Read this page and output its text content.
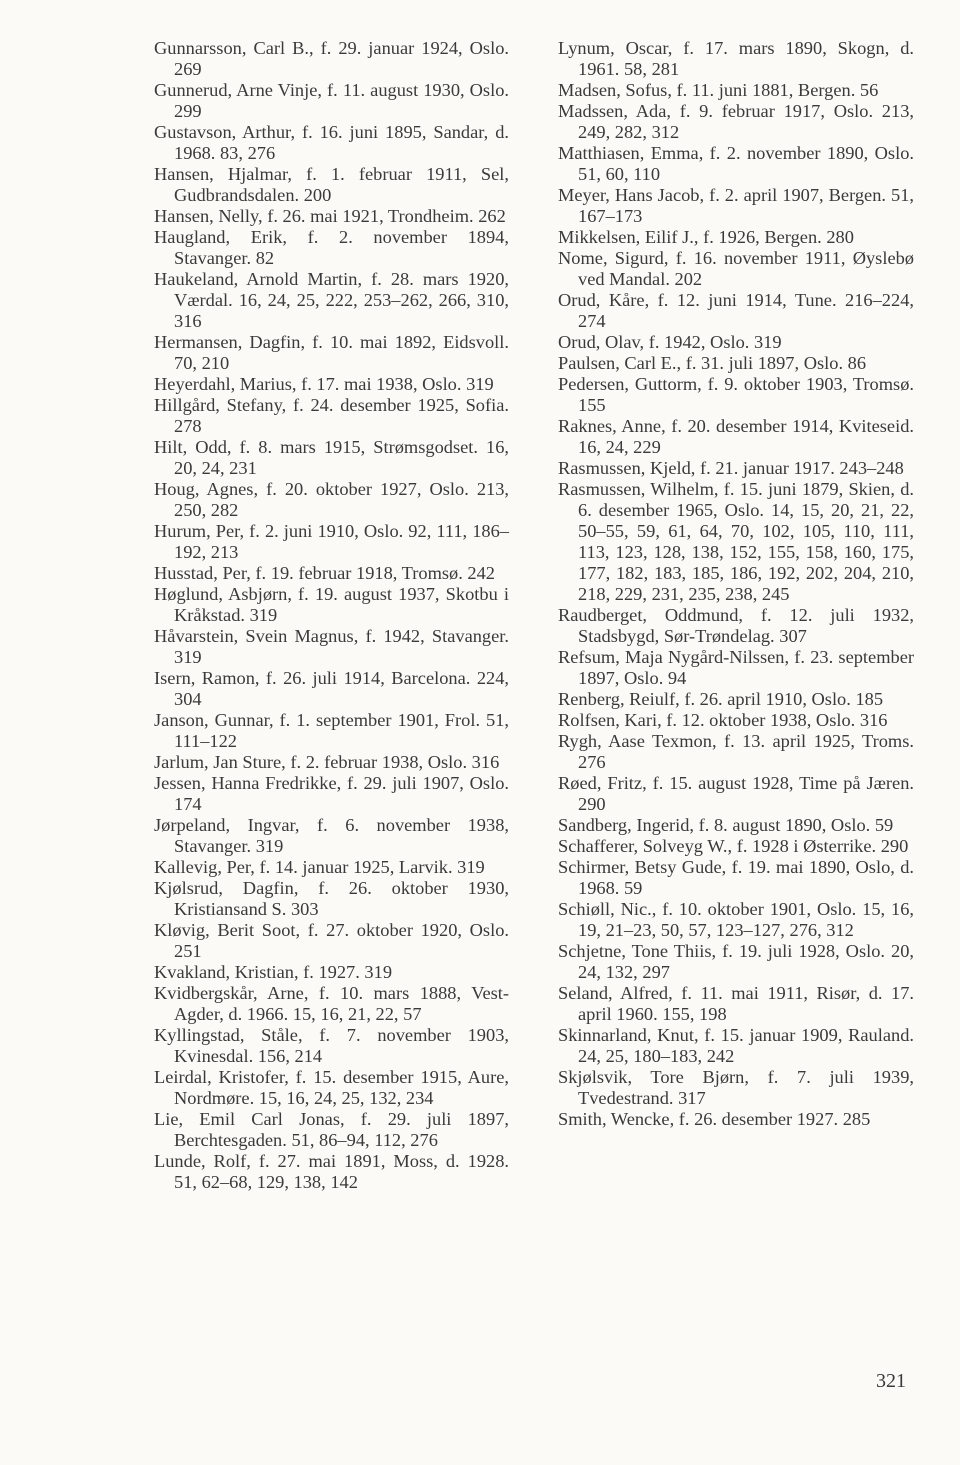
Gunnarsson, Carl B., f. 29. januar 1924, Oslo. 269

Gunnerud, Arne Vinje, f. 11. august 1930, Oslo. 299

Gustavson, Arthur, f. 16. juni 1895, Sandar, d. 1968. 83, 276

Hansen, Hjalmar, f. 1. februar 1911, Sel, Gudbrandsdalen. 200

Hansen, Nelly, f. 26. mai 1921, Trondheim. 262

Haugland, Erik, f. 2. november 1894, Stavanger. 82

Haukeland, Arnold Martin, f. 28. mars 1920, Værdal. 16, 24, 25, 222, 253–262, 266, 310, 316

Hermansen, Dagfin, f. 10. mai 1892, Eidsvoll. 70, 210

Heyerdahl, Marius, f. 17. mai 1938, Oslo. 319

Hillgård, Stefany, f. 24. desember 1925, Sofia. 278

Hilt, Odd, f. 8. mars 1915, Strømsgodset. 16, 20, 24, 231

Houg, Agnes, f. 20. oktober 1927, Oslo. 213, 250, 282

Hurum, Per, f. 2. juni 1910, Oslo. 92, 111, 186–192, 213

Husstad, Per, f. 19. februar 1918, Tromsø. 242

Høglund, Asbjørn, f. 19. august 1937, Skotbu i Kråkstad. 319

Håvarstein, Svein Magnus, f. 1942, Stavanger. 319

Isern, Ramon, f. 26. juli 1914, Barcelona. 224, 304

Janson, Gunnar, f. 1. september 1901, Frol. 51, 111–122

Jarlum, Jan Sture, f. 2. februar 1938, Oslo. 316

Jessen, Hanna Fredrikke, f. 29. juli 1907, Oslo. 174

Jørpeland, Ingvar, f. 6. november 1938, Stavanger. 319

Kallevig, Per, f. 14. januar 1925, Larvik. 319

Kjølsrud, Dagfin, f. 26. oktober 1930, Kristiansand S. 303

Kløvig, Berit Soot, f. 27. oktober 1920, Oslo. 251

Kvakland, Kristian, f. 1927. 319

Kvidbergskår, Arne, f. 10. mars 1888, Vest-Agder, d. 1966. 15, 16, 21, 22, 57

Kyllingstad, Ståle, f. 7. november 1903, Kvinesdal. 156, 214

Leirdal, Kristofer, f. 15. desember 1915, Aure, Nordmøre. 15, 16, 24, 25, 132, 234

Lie, Emil Carl Jonas, f. 29. juli 1897, Berchtesgaden. 51, 86–94, 112, 276

Lunde, Rolf, f. 27. mai 1891, Moss, d. 1928. 51, 62–68, 129, 138, 142

Lynum, Oscar, f. 17. mars 1890, Skogn, d. 1961. 58, 281

Madsen, Sofus, f. 11. juni 1881, Bergen. 56

Madssen, Ada, f. 9. februar 1917, Oslo. 213, 249, 282, 312

Matthiasen, Emma, f. 2. november 1890, Oslo. 51, 60, 110

Meyer, Hans Jacob, f. 2. april 1907, Bergen. 51, 167–173

Mikkelsen, Eilif J., f. 1926, Bergen. 280

Nome, Sigurd, f. 16. november 1911, Øyslebø ved Mandal. 202

Orud, Kåre, f. 12. juni 1914, Tune. 216–224, 274

Orud, Olav, f. 1942, Oslo. 319

Paulsen, Carl E., f. 31. juli 1897, Oslo. 86

Pedersen, Guttorm, f. 9. oktober 1903, Tromsø. 155

Raknes, Anne, f. 20. desember 1914, Kviteseid. 16, 24, 229

Rasmussen, Kjeld, f. 21. januar 1917. 243–248

Rasmussen, Wilhelm, f. 15. juni 1879, Skien, d. 6. desember 1965, Oslo. 14, 15, 20, 21, 22, 50–55, 59, 61, 64, 70, 102, 105, 110, 111, 113, 123, 128, 138, 152, 155, 158, 160, 175, 177, 182, 183, 185, 186, 192, 202, 204, 210, 218, 229, 231, 235, 238, 245

Raudberget, Oddmund, f. 12. juli 1932, Stadsbygd, Sør-Trøndelag. 307

Refsum, Maja Nygård-Nilssen, f. 23. september 1897, Oslo. 94

Renberg, Reiulf, f. 26. april 1910, Oslo. 185

Rolfsen, Kari, f. 12. oktober 1938, Oslo. 316

Rygh, Aase Texmon, f. 13. april 1925, Troms. 276

Røed, Fritz, f. 15. august 1928, Time på Jæren. 290

Sandberg, Ingerid, f. 8. august 1890, Oslo. 59

Schafferer, Solveyg W., f. 1928 i Østerrike. 290

Schirmer, Betsy Gude, f. 19. mai 1890, Oslo, d. 1968. 59

Schiøll, Nic., f. 10. oktober 1901, Oslo. 15, 16, 19, 21–23, 50, 57, 123–127, 276, 312

Schjetne, Tone Thiis, f. 19. juli 1928, Oslo. 20, 24, 132, 297

Seland, Alfred, f. 11. mai 1911, Risør, d. 17. april 1960. 155, 198

Skinnarland, Knut, f. 15. januar 1909, Rauland. 24, 25, 180–183, 242

Skjølsvik, Tore Bjørn, f. 7. juli 1939, Tvedestrand. 317

Smith, Wencke, f. 26. desember 1927. 285

321
